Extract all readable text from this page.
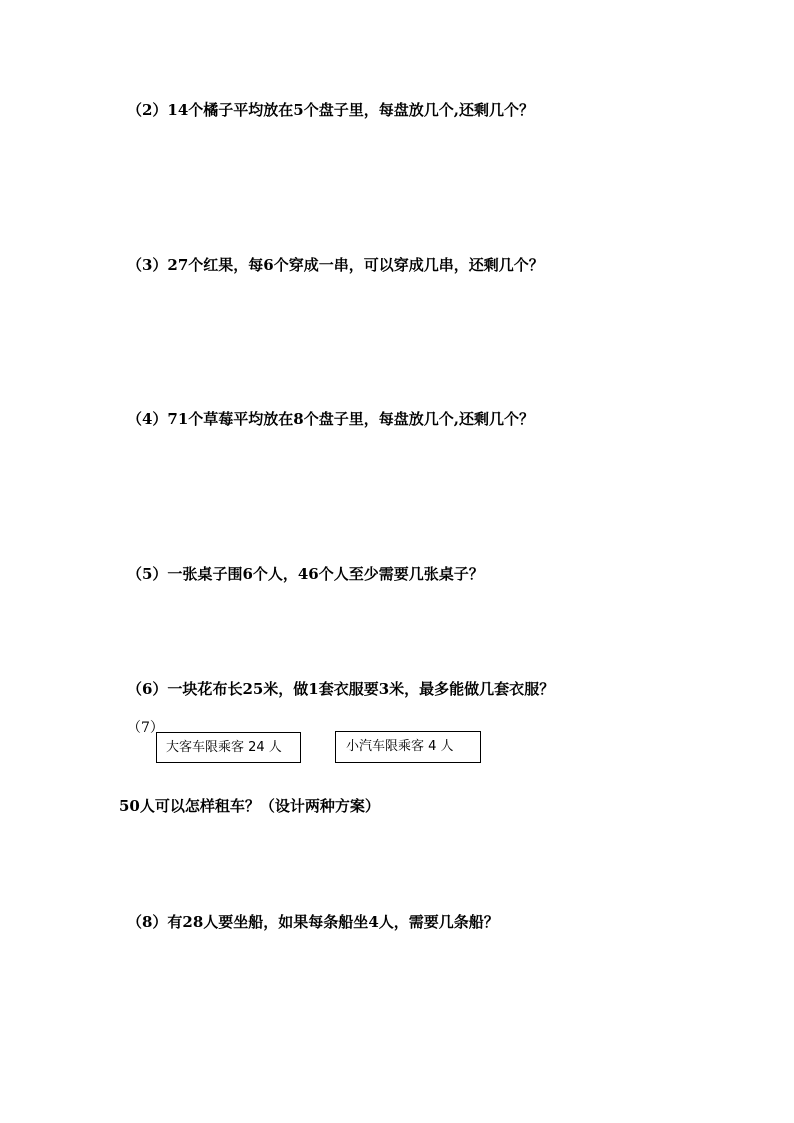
（2）14个橘子平均放在5个盘子里，每盘放几个,还剩几个？
（3）27个红果，每6个穿成一串，可以穿成几串，还剩几个？
（4）71个草莓平均放在8个盘子里，每盘放几个,还剩几个？
（5）一张桌子围6个人，46个人至少需要几张桌子？
（6）一块花布长25米，做1套衣服要3米，最多能做几套衣服？
（7）
大客车限乘客 24 人	小汽车限乘客 4 人
50人可以怎样租车？（设计两种方案）
（8）有28人要坐船，如果每条船坐4人，需要几条船？
